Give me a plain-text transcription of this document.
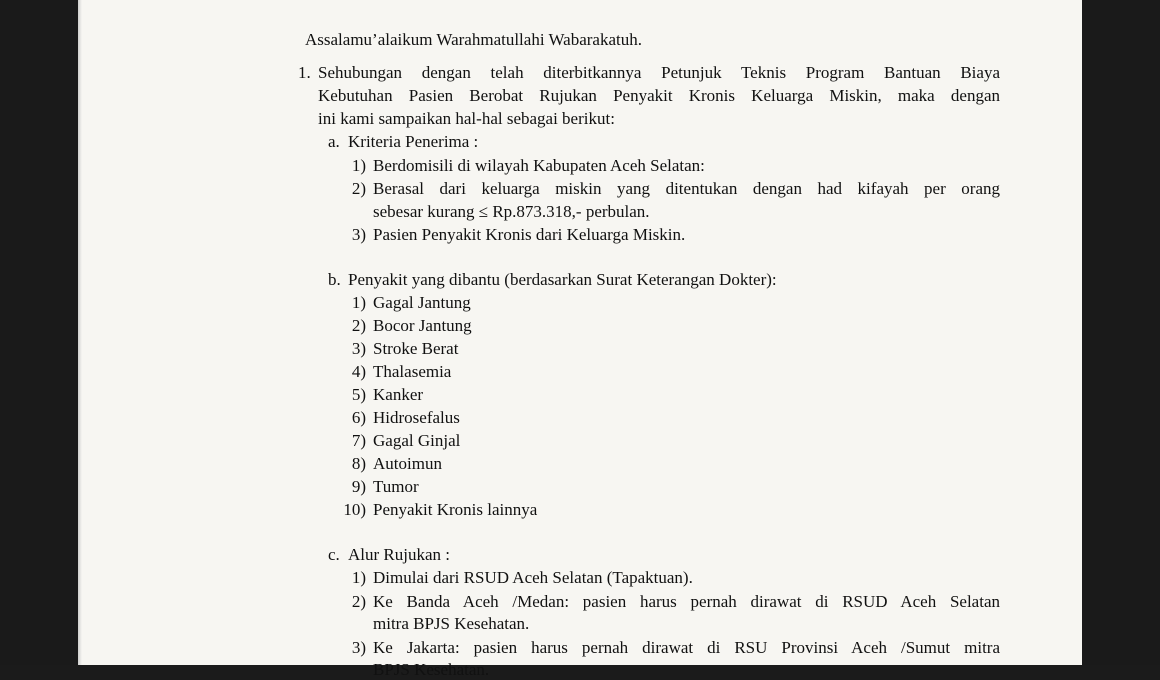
Assalamu’alaikum Warahmatullahi Wabarakatuh.
1. Sehubungan dengan telah diterbitkannya Petunjuk Teknis Program Bantuan Biaya
Kebutuhan Pasien Berobat Rujukan Penyakit Kronis Keluarga Miskin, maka dengan
ini kami sampaikan hal-hal sebagai berikut:
a. Kriteria Penerima :
1) Berdomisili di wilayah Kabupaten Aceh Selatan:
2) Berasal dari keluarga miskin yang ditentukan dengan had kifayah per orang
sebesar kurang ≤ Rp.873.318,- perbulan.
3) Pasien Penyakit Kronis dari Keluarga Miskin.
b. Penyakit yang dibantu (berdasarkan Surat Keterangan Dokter):
1) Gagal Jantung
2) Bocor Jantung
3) Stroke Berat
4) Thalasemia
5) Kanker
6) Hidrosefalus
7) Gagal Ginjal
8) Autoimun
9) Tumor
10) Penyakit Kronis lainnya
c. Alur Rujukan :
1) Dimulai dari RSUD Aceh Selatan (Tapaktuan).
2) Ke Banda Aceh /Medan: pasien harus pernah dirawat di RSUD Aceh Selatan
mitra BPJS Kesehatan.
3) Ke Jakarta: pasien harus pernah dirawat di RSU Provinsi Aceh /Sumut mitra
BPJS Kesehatan.
